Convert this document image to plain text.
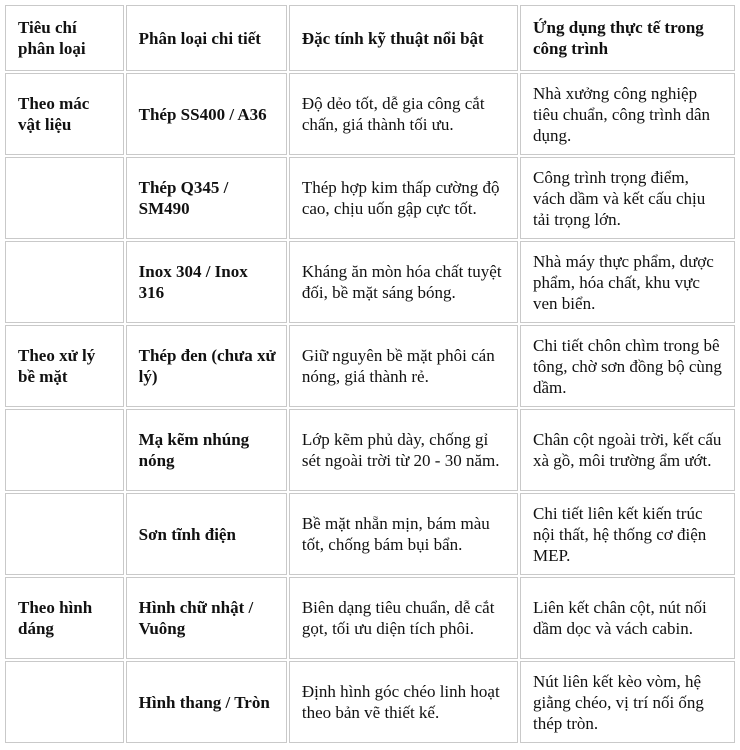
Tiêu chí phân loại	Phân loại chi tiết	Đặc tính kỹ thuật nổi bật	Ứng dụng thực tế trong công trình
Theo mác vật liệu	Thép SS400 / A36	Độ dẻo tốt, dễ gia công cắt chấn, giá thành tối ưu.	Nhà xưởng công nghiệp tiêu chuẩn, công trình dân dụng.
	Thép Q345 / SM490	Thép hợp kim thấp cường độ cao, chịu uốn gập cực tốt.	Công trình trọng điểm, vách dầm và kết cấu chịu tải trọng lớn.
	Inox 304 / Inox 316	Kháng ăn mòn hóa chất tuyệt đối, bề mặt sáng bóng.	Nhà máy thực phẩm, dược phẩm, hóa chất, khu vực ven biển.
Theo xử lý bề mặt	Thép đen (chưa xử lý)	Giữ nguyên bề mặt phôi cán nóng, giá thành rẻ.	Chi tiết chôn chìm trong bê tông, chờ sơn đồng bộ cùng dầm.
	Mạ kẽm nhúng nóng	Lớp kẽm phủ dày, chống gỉ sét ngoài trời từ 20 - 30 năm.	Chân cột ngoài trời, kết cấu xà gồ, môi trường ẩm ướt.
	Sơn tĩnh điện	Bề mặt nhẵn mịn, bám màu tốt, chống bám bụi bẩn.	Chi tiết liên kết kiến trúc nội thất, hệ thống cơ điện MEP.
Theo hình dáng	Hình chữ nhật / Vuông	Biên dạng tiêu chuẩn, dễ cắt gọt, tối ưu diện tích phôi.	Liên kết chân cột, nút nối dầm dọc và vách cabin.
	Hình thang / Tròn	Định hình góc chéo linh hoạt theo bản vẽ thiết kế.	Nút liên kết kèo vòm, hệ giằng chéo, vị trí nối ống thép tròn.
